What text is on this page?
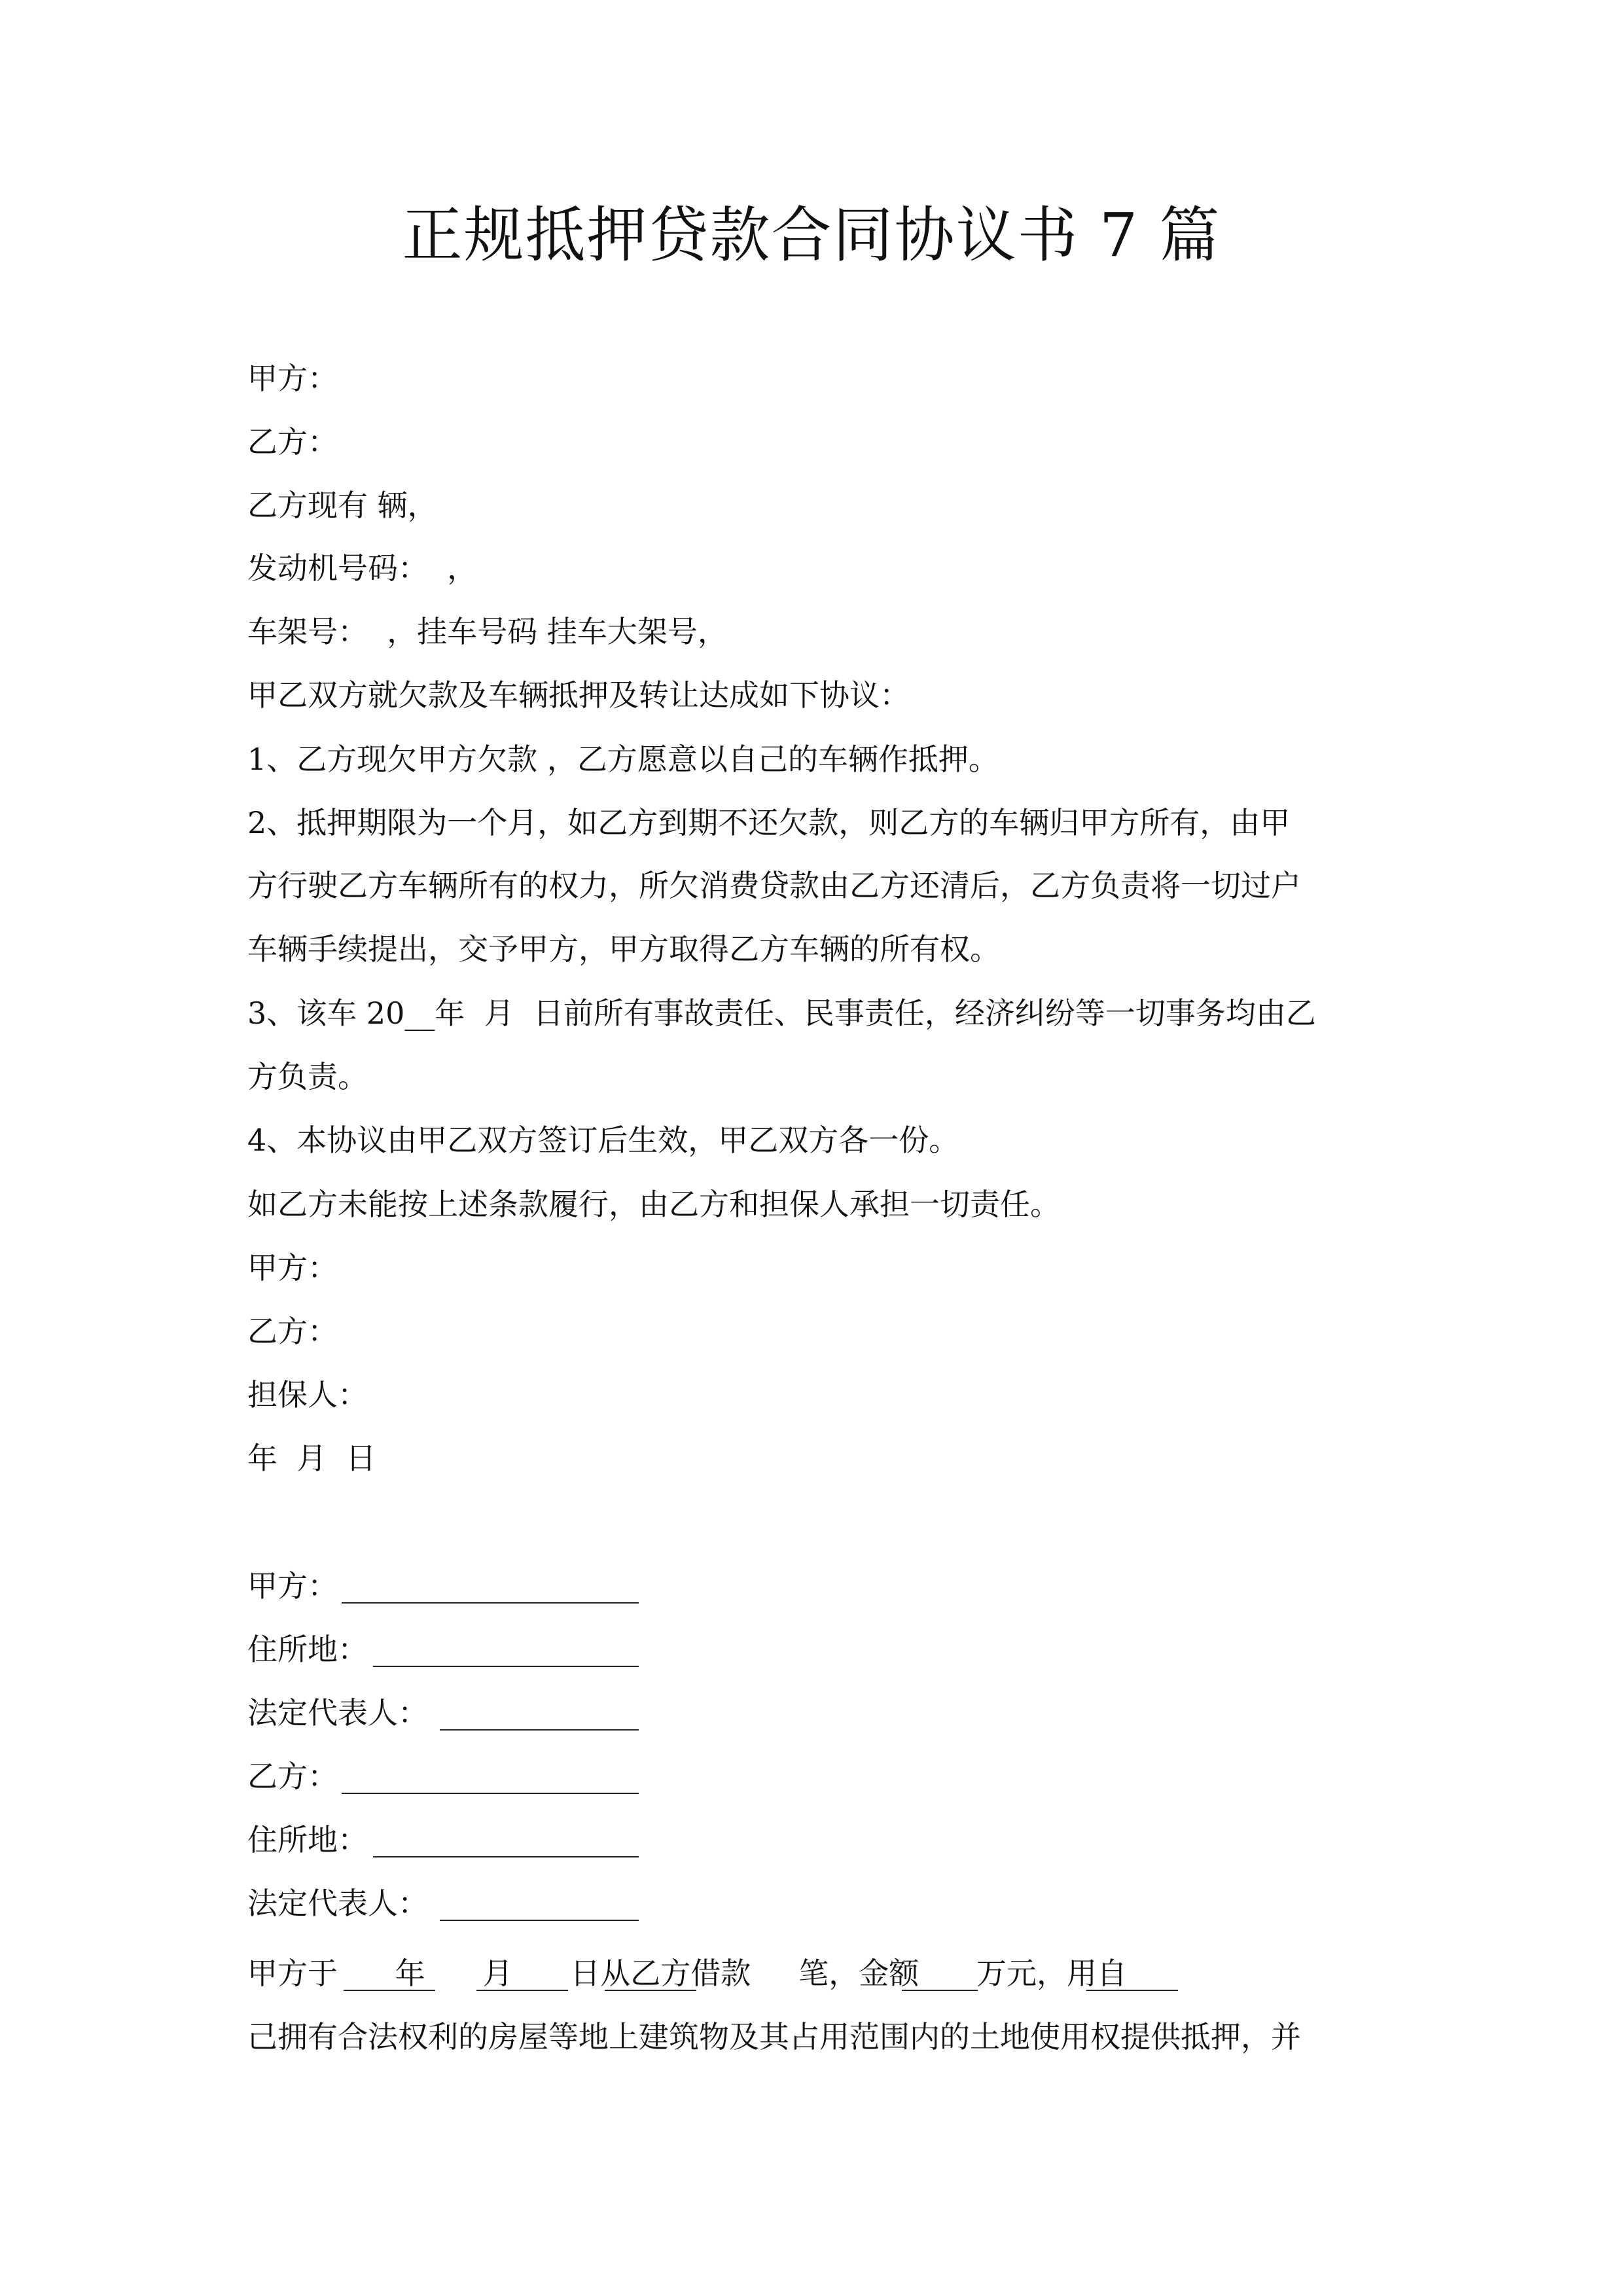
正规抵押贷款合同协议书 7 篇
甲方：
乙方：
乙方现有 辆，
发动机号码：  ，
车架号：  ，挂车号码 挂车大架号，
甲乙双方就欠款及车辆抵押及转让达成如下协议：
1、乙方现欠甲方欠款 ，乙方愿意以自己的车辆作抵押。
2、抵押期限为一个月，如乙方到期不还欠款，则乙方的车辆归甲方所有，由甲
方行驶乙方车辆所有的权力，所欠消费贷款由乙方还清后，乙方负责将一切过户
车辆手续提出，交予甲方，甲方取得乙方车辆的所有权。
3、该车 20__年  月  日前所有事故责任、民事责任，经济纠纷等一切事务均由乙
方负责。
4、本协议由甲乙双方签订后生效，甲乙双方各一份。
如乙方未能按上述条款履行，由乙方和担保人承担一切责任。
甲方：
乙方：
担保人：
年  月  日
甲方：
住所地：
法定代表人：
乙方：
住所地：
法定代表人：
甲方于      年      月      日从乙方借款     笔，金额      万元，用自
己拥有合法权利的房屋等地上建筑物及其占用范围内的土地使用权提供抵押，并
